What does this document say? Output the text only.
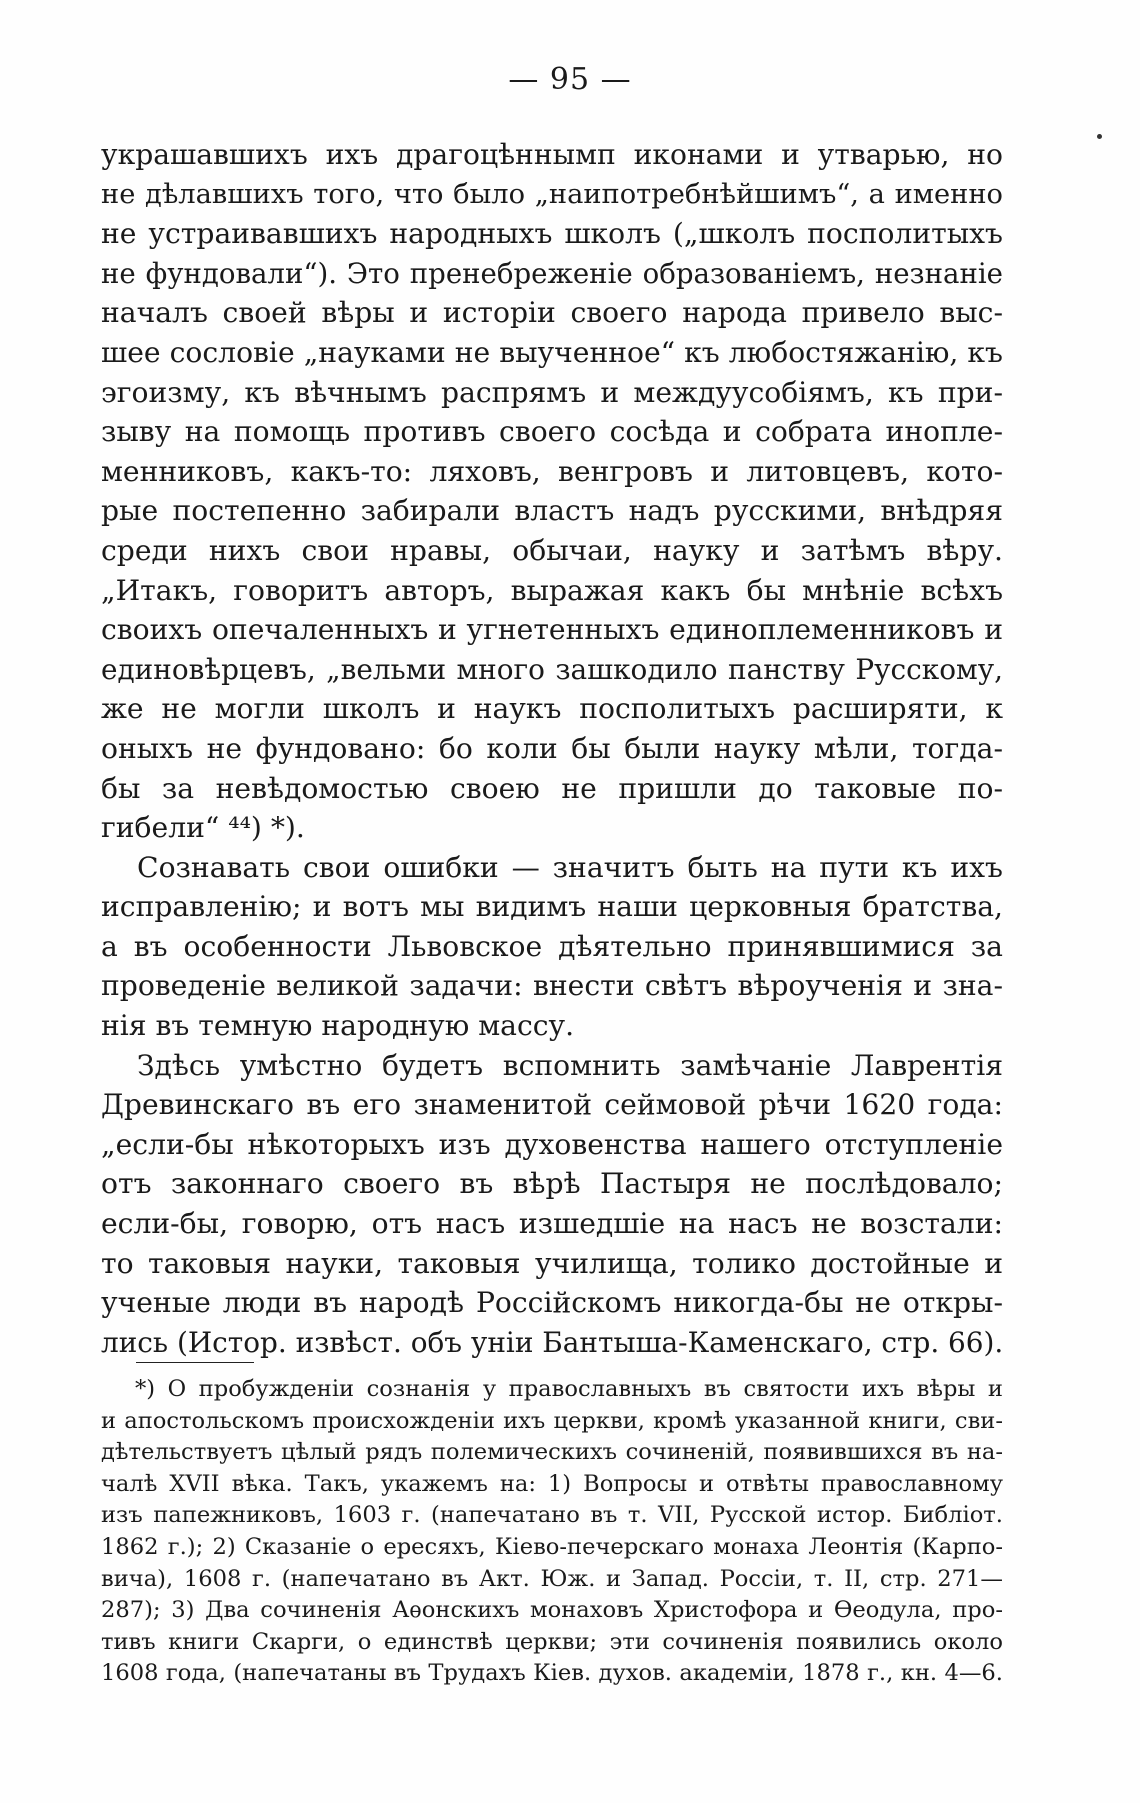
— 95 —
украшавшихъ ихъ драгоцѣннымп иконами и утварью, но
не дѣлавшихъ того, что было „наипотребнѣйшимъ“, а именно
не устраивавшихъ народныхъ школъ („школъ посполитыхъ
не фундовали“). Это пренебреженіе образованіемъ, незнаніе
началъ своей вѣры и исторіи своего народа привело выс-
шее сословіе „науками не выученное“ къ любостяжанію, къ
эгоизму, къ вѣчнымъ распрямъ и междуусобіямъ, къ при-
зыву на помощь противъ своего сосѣда и собрата инопле-
менниковъ, какъ-то: ляховъ, венгровъ и литовцевъ, кото-
рые постепенно забирали властъ надъ русскими, внѣдряя
среди нихъ свои нравы, обычаи, науку и затѣмъ вѣру.
„Итакъ, говоритъ авторъ, выражая какъ бы мнѣніе всѣхъ
своихъ опечаленныхъ и угнетенныхъ единоплеменниковъ и
единовѣрцевъ, „вельми много зашкодило панству Русскому,
же не могли школъ и наукъ посполитыхъ расширяти, к
оныхъ не фундовано: бо коли бы были науку мѣли, тогда-
бы за невѣдомостью своею не пришли до таковые по-
гибели“ ⁴⁴) *).
Сознавать свои ошибки — значитъ быть на пути къ ихъ
исправленію; и вотъ мы видимъ наши церковныя братства,
а въ особенности Львовское дѣятельно принявшимися за
проведеніе великой задачи: внести свѣтъ вѣроученія и зна-
нія въ темную народную массу.
Здѣсь умѣстно будетъ вспомнить замѣчаніе Лаврентія
Древинскаго въ его знаменитой сеймовой рѣчи 1620 года:
„если-бы нѣкоторыхъ изъ духовенства нашего отступленіе
отъ законнаго своего въ вѣрѣ Пастыря не послѣдовало;
если-бы, говорю, отъ насъ изшедшіе на насъ не возстали:
то таковыя науки, таковыя училища, толико достойные и
ученые люди въ народѣ Россійскомъ никогда-бы не откры-
лись (Истор. извѣст. объ уніи Бантыша-Каменскаго, стр. 66).
*) О пробужденіи сознанія у православныхъ въ святости ихъ вѣры и
и апостольскомъ происхожденіи ихъ церкви, кромѣ указанной книги, сви-
дѣтельствуетъ цѣлый рядъ полемическихъ сочиненій, появившихся въ на-
чалѣ XVII вѣка. Такъ, укажемъ на: 1) Вопросы и отвѣты православному
изъ папежниковъ, 1603 г. (напечатано въ т. VII, Русской истор. Библіот.
1862 г.); 2) Сказаніе о ересяхъ, Кіево-печерскаго монаха Леонтія (Карпо-
вича), 1608 г. (напечатано въ Акт. Юж. и Запад. Россіи, т. II, стр. 271—
287); 3) Два сочиненія Аѳонскихъ монаховъ Христофора и Ѳеодула, про-
тивъ книги Скарги, о единствѣ церкви; эти сочиненія появились около
1608 года, (напечатаны въ Трудахъ Кіев. духов. академіи, 1878 г., кн. 4—6.
